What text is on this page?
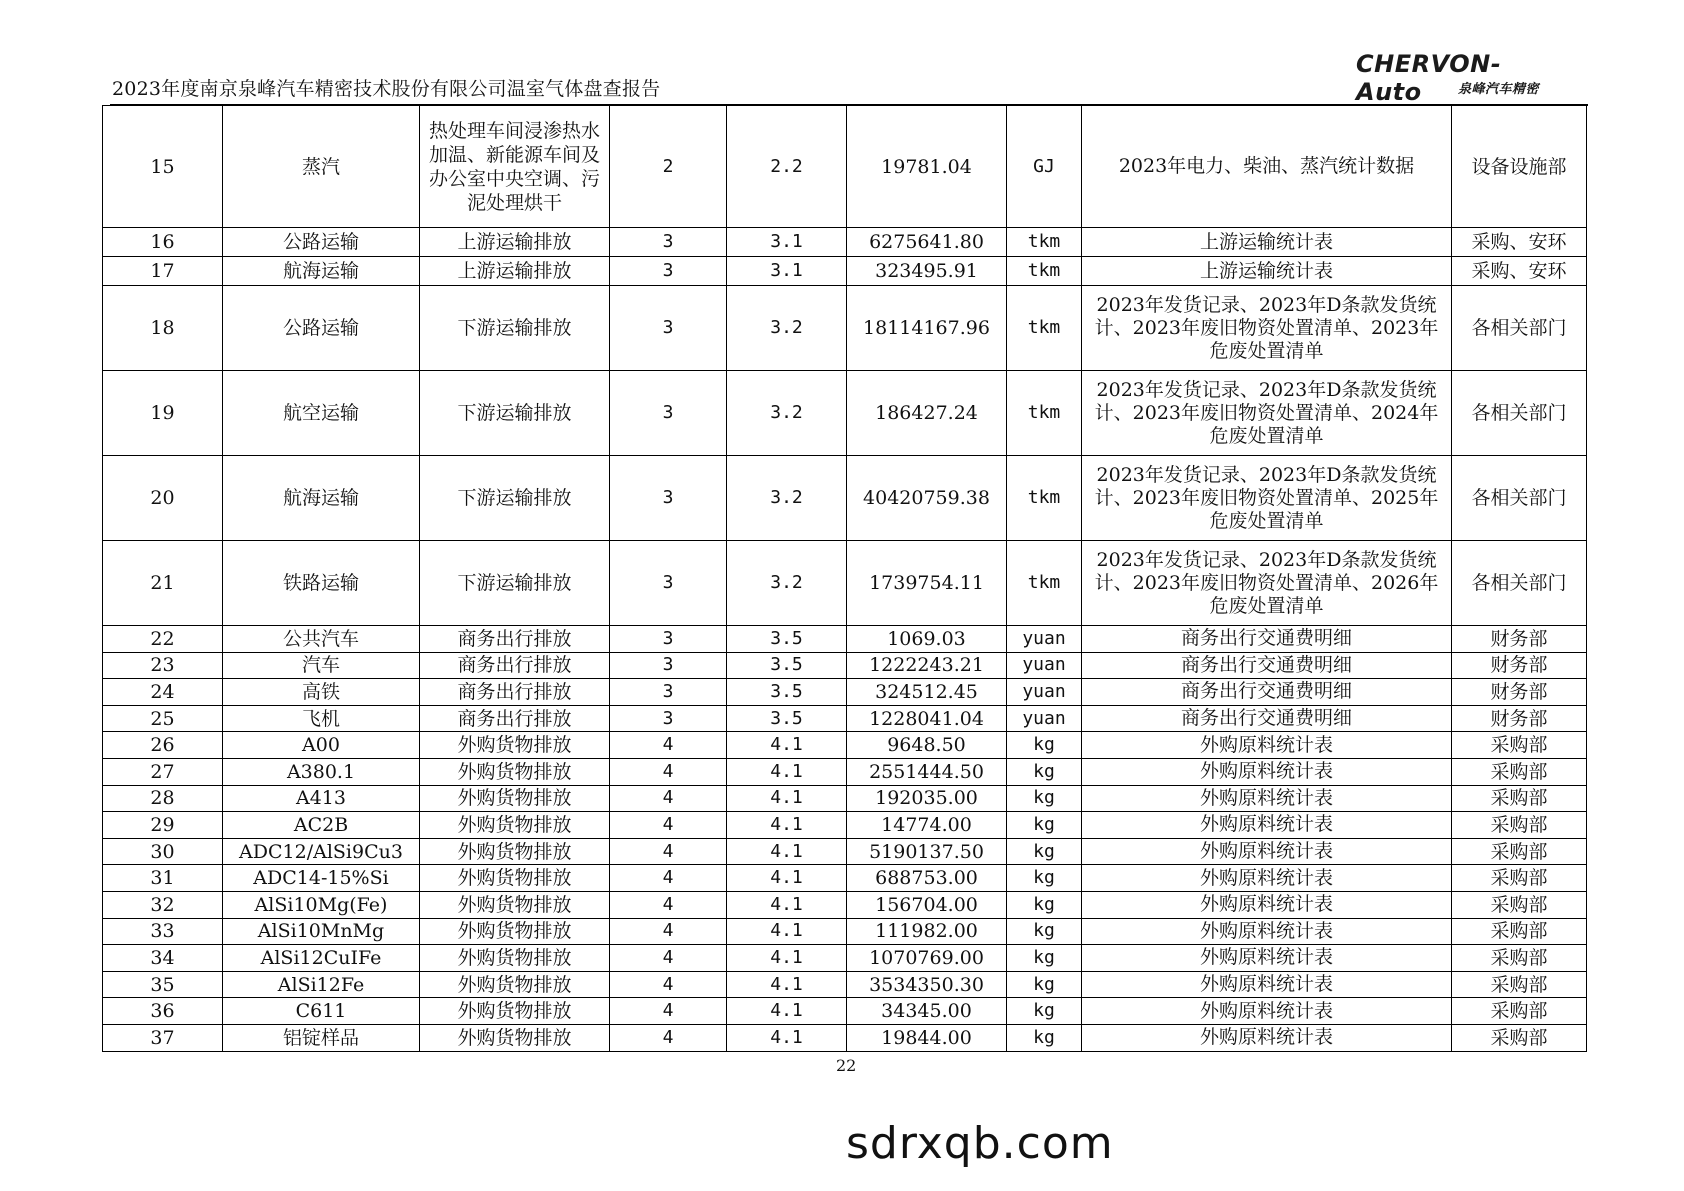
2023年度南京泉峰汽车精密技术股份有限公司温室气体盘查报告
CHERVON-Auto	泉峰汽车精密
15	蒸汽	热处理车间浸渗热水加温、新能源车间及办公室中央空调、污泥处理烘干	2	2.2	19781.04	GJ	2023年电力、柴油、蒸汽统计数据	设备设施部
16	公路运输	上游运输排放	3	3.1	6275641.80	tkm	上游运输统计表	采购、安环
17	航海运输	上游运输排放	3	3.1	323495.91	tkm	上游运输统计表	采购、安环
18	公路运输	下游运输排放	3	3.2	18114167.96	tkm	2023年发货记录、2023年D条款发货统计、2023年废旧物资处置清单、2023年危废处置清单	各相关部门
19	航空运输	下游运输排放	3	3.2	186427.24	tkm	2023年发货记录、2023年D条款发货统计、2023年废旧物资处置清单、2024年危废处置清单	各相关部门
20	航海运输	下游运输排放	3	3.2	40420759.38	tkm	2023年发货记录、2023年D条款发货统计、2023年废旧物资处置清单、2025年危废处置清单	各相关部门
21	铁路运输	下游运输排放	3	3.2	1739754.11	tkm	2023年发货记录、2023年D条款发货统计、2023年废旧物资处置清单、2026年危废处置清单	各相关部门
22	公共汽车	商务出行排放	3	3.5	1069.03	yuan	商务出行交通费明细	财务部
23	汽车	商务出行排放	3	3.5	1222243.21	yuan	商务出行交通费明细	财务部
24	高铁	商务出行排放	3	3.5	324512.45	yuan	商务出行交通费明细	财务部
25	飞机	商务出行排放	3	3.5	1228041.04	yuan	商务出行交通费明细	财务部
26	A00	外购货物排放	4	4.1	9648.50	kg	外购原料统计表	采购部
27	A380.1	外购货物排放	4	4.1	2551444.50	kg	外购原料统计表	采购部
28	A413	外购货物排放	4	4.1	192035.00	kg	外购原料统计表	采购部
29	AC2B	外购货物排放	4	4.1	14774.00	kg	外购原料统计表	采购部
30	ADC12/AlSi9Cu3	外购货物排放	4	4.1	5190137.50	kg	外购原料统计表	采购部
31	ADC14-15%Si	外购货物排放	4	4.1	688753.00	kg	外购原料统计表	采购部
32	AlSi10Mg(Fe)	外购货物排放	4	4.1	156704.00	kg	外购原料统计表	采购部
33	AlSi10MnMg	外购货物排放	4	4.1	111982.00	kg	外购原料统计表	采购部
34	AlSi12CuIFe	外购货物排放	4	4.1	1070769.00	kg	外购原料统计表	采购部
35	AlSi12Fe	外购货物排放	4	4.1	3534350.30	kg	外购原料统计表	采购部
36	C611	外购货物排放	4	4.1	34345.00	kg	外购原料统计表	采购部
37	铝锭样品	外购货物排放	4	4.1	19844.00	kg	外购原料统计表	采购部
22
sdrxqb.com
